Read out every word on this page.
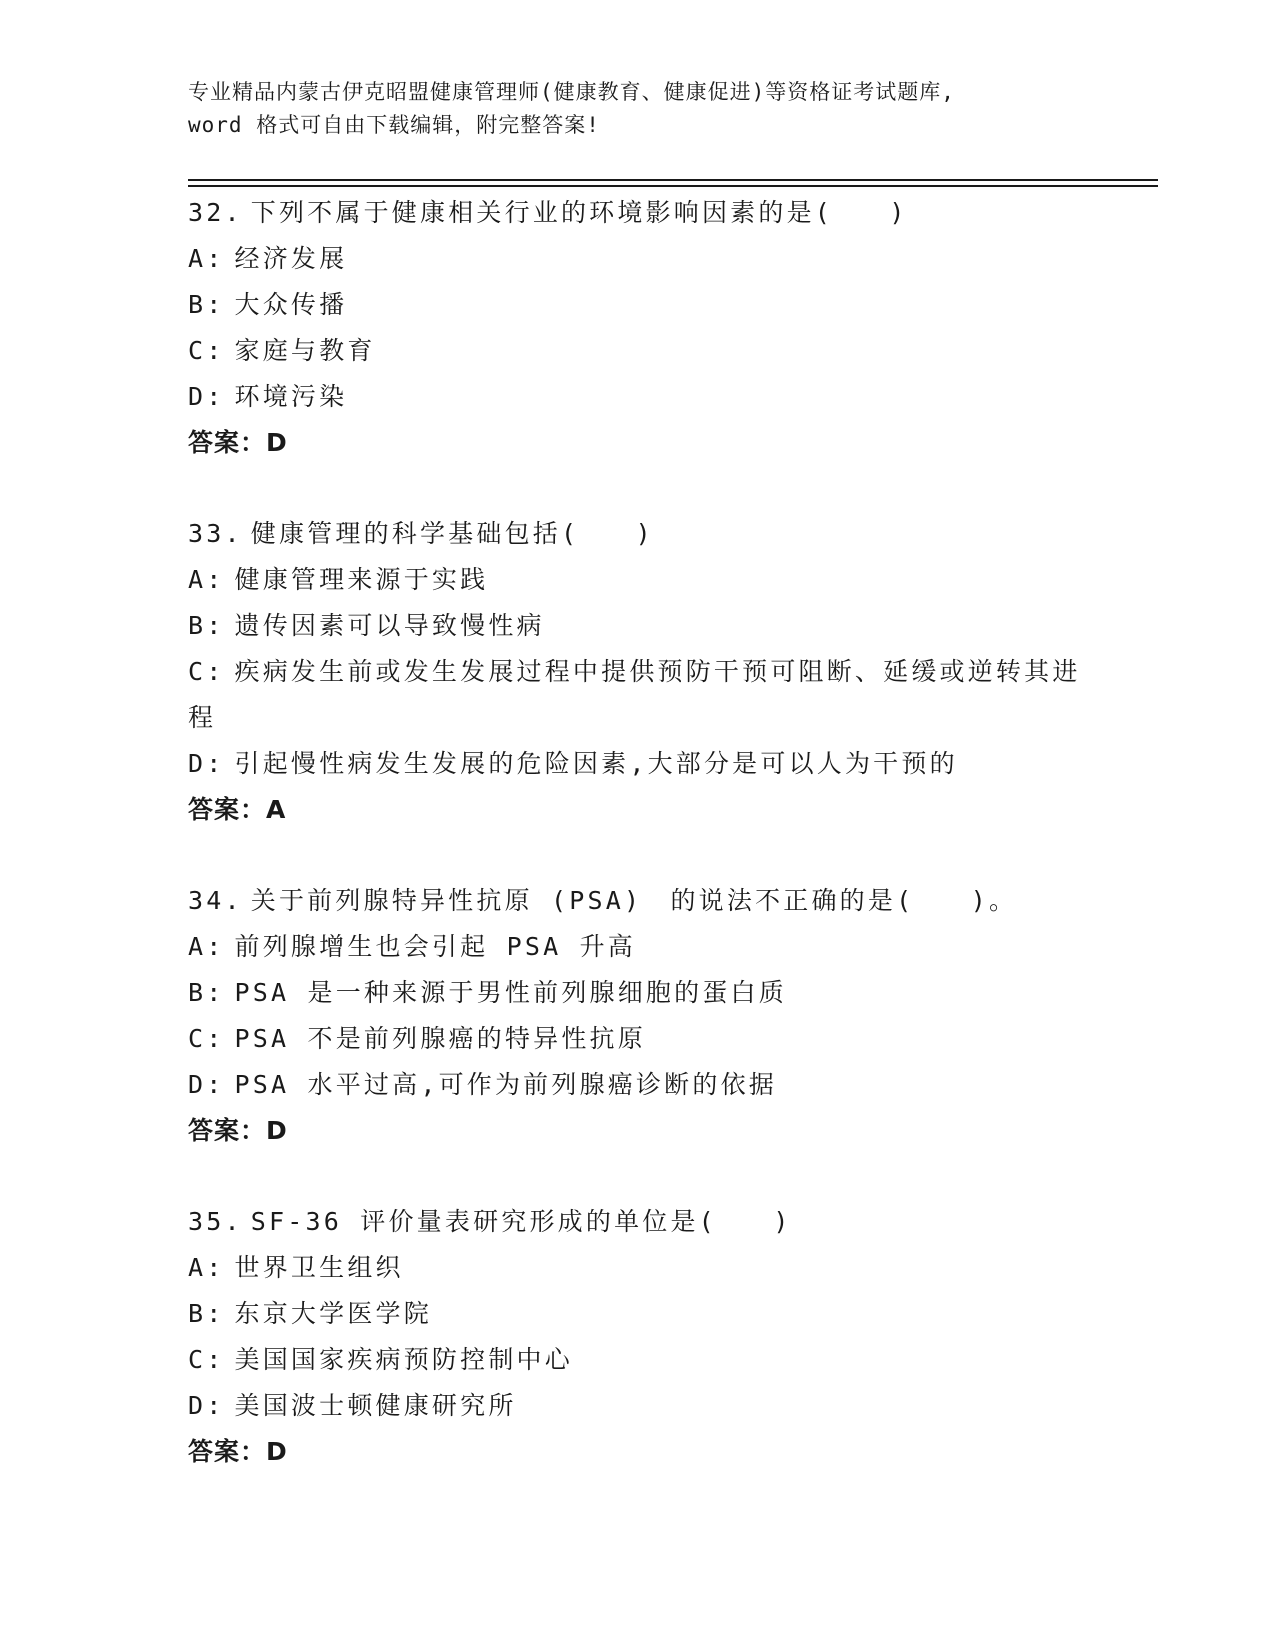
专业精品内蒙古伊克昭盟健康管理师(健康教育、健康促进)等资格证考试题库,
word 格式可自由下载编辑，附完整答案!
32. 下列不属于健康相关行业的环境影响因素的是(　　)
A: 经济发展
B: 大众传播
C: 家庭与教育
D: 环境污染
答案：D
33. 健康管理的科学基础包括(　　)
A: 健康管理来源于实践
B: 遗传因素可以导致慢性病
C: 疾病发生前或发生发展过程中提供预防干预可阻断、延缓或逆转其进程
D: 引起慢性病发生发展的危险因素,大部分是可以人为干预的
答案：A
34. 关于前列腺特异性抗原 (PSA)　的说法不正确的是(　　)。
A: 前列腺增生也会引起 PSA 升高
B: PSA 是一种来源于男性前列腺细胞的蛋白质
C: PSA 不是前列腺癌的特异性抗原
D: PSA 水平过高,可作为前列腺癌诊断的依据
答案：D
35. SF-36 评价量表研究形成的单位是(　　)
A: 世界卫生组织
B: 东京大学医学院
C: 美国国家疾病预防控制中心
D: 美国波士顿健康研究所
答案：D
